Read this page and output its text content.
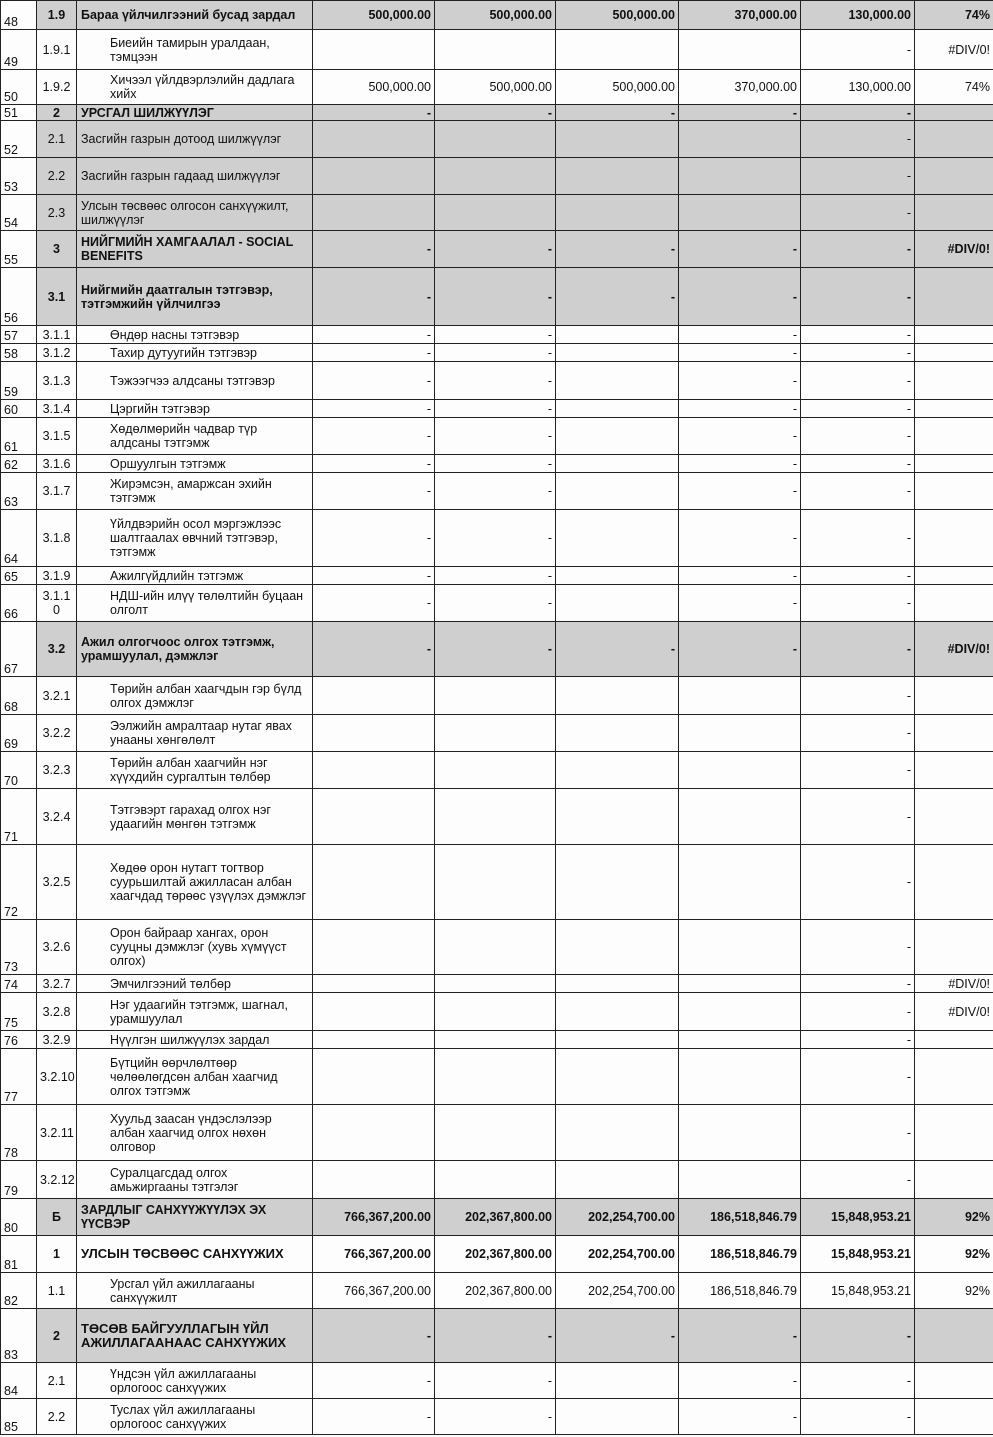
48	1.9	Бараа үйлчилгээний бусад зардал	500,000.00	500,000.00	500,000.00	370,000.00	130,000.00	74%
49	1.9.1	Биеийн тамирын уралдаан, тэмцээн					-	#DIV/0!
50	1.9.2	Хичээл үйлдвэрлэлийн дадлага хийх	500,000.00	500,000.00	500,000.00	370,000.00	130,000.00	74%
51	2	УРСГАЛ ШИЛЖҮҮЛЭГ	-	-	-	-	-	
52	2.1	Засгийн газрын дотоод шилжүүлэг					-	
53	2.2	Засгийн газрын гадаад шилжүүлэг					-	
54	2.3	Улсын төсвөөс олгосон санхүүжилт, шилжүүлэг					-	
55	3	НИЙГМИЙН ХАМГААЛАЛ - SOCIAL BENEFITS	-	-	-	-	-	#DIV/0!
56	3.1	Нийгмийн даатгалын тэтгэвэр, тэтгэмжийн үйлчилгээ	-	-	-	-	-	
57	3.1.1	Өндөр насны тэтгэвэр	-	-		-	-	
58	3.1.2	Тахир дутуугийн тэтгэвэр	-	-		-	-	
59	3.1.3	Тэжээгчээ алдсаны тэтгэвэр	-	-		-	-	
60	3.1.4	Цэргийн тэтгэвэр	-	-		-	-	
61	3.1.5	Хөдөлмөрийн чадвар түр алдсаны тэтгэмж	-	-		-	-	
62	3.1.6	Оршуулгын тэтгэмж	-	-		-	-	
63	3.1.7	Жирэмсэн, амаржсан эхийн тэтгэмж	-	-		-	-	
64	3.1.8	Үйлдвэрийн осол мэргэжлээс шалтгаалах өвчний тэтгэвэр, тэтгэмж	-	-		-	-	
65	3.1.9	Ажилгүйдлийн тэтгэмж	-	-		-	-	
66	3.1.1 0	НДШ-ийн илүү төлөлтийн буцаан олголт	-	-		-	-	
67	3.2	Ажил олгогчоос олгох тэтгэмж, урамшуулал, дэмжлэг	-	-	-	-	-	#DIV/0!
68	3.2.1	Төрийн албан хаагчдын гэр бүлд олгох дэмжлэг					-	
69	3.2.2	Ээлжийн амралтаар нутаг явах унааны хөнгөлөлт					-	
70	3.2.3	Төрийн албан хаагчийн нэг хүүхдийн сургалтын төлбөр					-	
71	3.2.4	Тэтгэвэрт гарахад олгох нэг удаагийн мөнгөн тэтгэмж					-	
72	3.2.5	Хөдөө орон нутагт тогтвор суурьшилтай ажилласан албан хаагчдад төрөөс үзүүлэх дэмжлэг					-	
73	3.2.6	Орон байраар хангах, орон сууцны дэмжлэг (хувь хүмүүст олгох)					-	
74	3.2.7	Эмчилгээний төлбөр					-	#DIV/0!
75	3.2.8	Нэг удаагийн тэтгэмж, шагнал, урамшуулал					-	#DIV/0!
76	3.2.9	Нүүлгэн шилжүүлэх зардал					-	
77	3.2.10	Бүтцийн өөрчлөлтөөр чөлөөлөгдсөн албан хаагчид олгох тэтгэмж					-	
78	3.2.11	Хуульд заасан үндэслэлээр албан хаагчид олгох нөхөн олговор					-	
79	3.2.12	Суралцагсдад олгох амьжиргааны тэтгэлэг					-	
80	Б	ЗАРДЛЫГ САНХҮҮЖҮҮЛЭХ ЭХ ҮҮСВЭР	766,367,200.00	202,367,800.00	202,254,700.00	186,518,846.79	15,848,953.21	92%
81	1	УЛСЫН ТӨСВӨӨС САНХҮҮЖИХ	766,367,200.00	202,367,800.00	202,254,700.00	186,518,846.79	15,848,953.21	92%
82	1.1	Урсгал үйл ажиллагааны санхүүжилт	766,367,200.00	202,367,800.00	202,254,700.00	186,518,846.79	15,848,953.21	92%
83	2	ТӨСӨВ БАЙГУУЛЛАГЫН ҮЙЛ АЖИЛЛАГААНААС САНХҮҮЖИХ	-	-	-	-	-	
84	2.1	Үндсэн үйл ажиллагааны орлогоос санхүүжих	-	-		-	-	
85	2.2	Туслах үйл ажиллагааны орлогоос санхүүжих	-	-		-	-	
